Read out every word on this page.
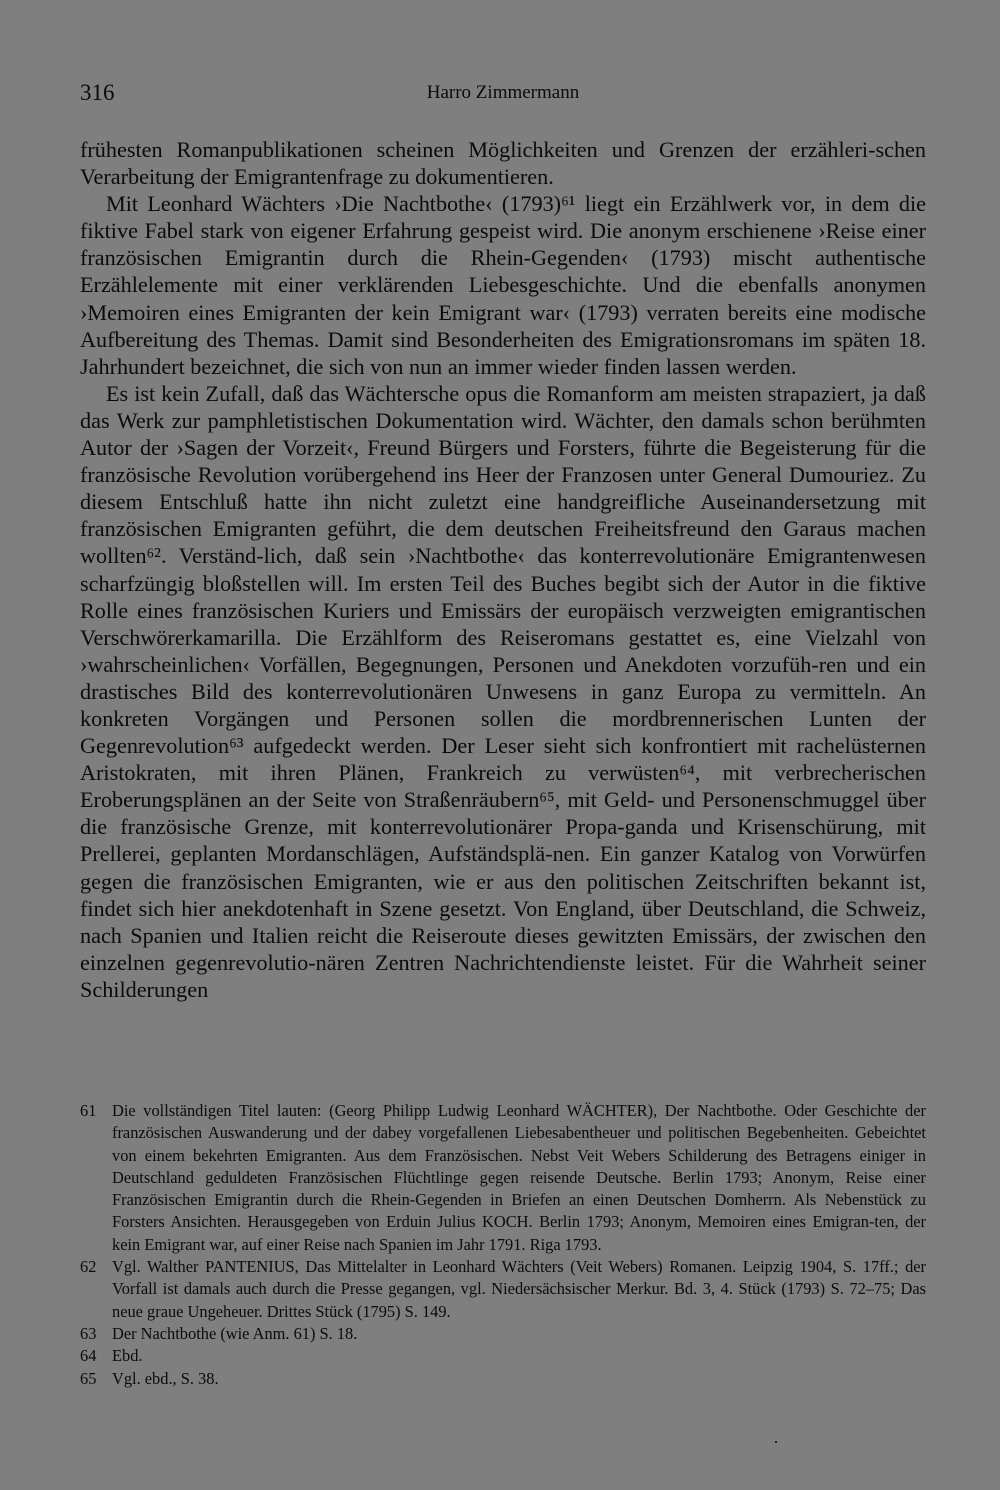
316	Harro Zimmermann

frühesten Romanpublikationen scheinen Möglichkeiten und Grenzen der erzähleri-schen Verarbeitung der Emigrantenfrage zu dokumentieren.

Mit Leonhard Wächters ›Die Nachtbothe‹ (1793)⁶¹ liegt ein Erzählwerk vor, in dem die fiktive Fabel stark von eigener Erfahrung gespeist wird. Die anonym erschienene ›Reise einer französischen Emigrantin durch die Rhein-Gegenden‹ (1793) mischt authentische Erzählelemente mit einer verklärenden Liebesgeschichte. Und die ebenfalls anonymen ›Memoiren eines Emigranten der kein Emigrant war‹ (1793) verraten bereits eine modische Aufbereitung des Themas. Damit sind Besonderheiten des Emigrationsromans im späten 18. Jahrhundert bezeichnet, die sich von nun an immer wieder finden lassen werden.

Es ist kein Zufall, daß das Wächtersche opus die Romanform am meisten strapaziert, ja daß das Werk zur pamphletistischen Dokumentation wird. Wächter, den damals schon berühmten Autor der ›Sagen der Vorzeit‹, Freund Bürgers und Forsters, führte die Begeisterung für die französische Revolution vorübergehend ins Heer der Franzosen unter General Dumouriez. Zu diesem Entschluß hatte ihn nicht zuletzt eine handgreifliche Auseinandersetzung mit französischen Emigranten geführt, die dem deutschen Freiheitsfreund den Garaus machen wollten⁶². Verständ-lich, daß sein ›Nachtbothe‹ das konterrevolutionäre Emigrantenwesen scharfzüngig bloßstellen will. Im ersten Teil des Buches begibt sich der Autor in die fiktive Rolle eines französischen Kuriers und Emissärs der europäisch verzweigten emigrantischen Verschwörerkamarilla. Die Erzählform des Reiseromans gestattet es, eine Vielzahl von ›wahrscheinlichen‹ Vorfällen, Begegnungen, Personen und Anekdoten vorzufüh-ren und ein drastisches Bild des konterrevolutionären Unwesens in ganz Europa zu vermitteln. An konkreten Vorgängen und Personen sollen die mordbrennerischen Lunten der Gegenrevolution⁶³ aufgedeckt werden. Der Leser sieht sich konfrontiert mit rachelüsternen Aristokraten, mit ihren Plänen, Frankreich zu verwüsten⁶⁴, mit verbrecherischen Eroberungsplänen an der Seite von Straßenräubern⁶⁵, mit Geld- und Personenschmuggel über die französische Grenze, mit konterrevolutionärer Propa-ganda und Krisenschürung, mit Prellerei, geplanten Mordanschlägen, Aufständsplä-nen. Ein ganzer Katalog von Vorwürfen gegen die französischen Emigranten, wie er aus den politischen Zeitschriften bekannt ist, findet sich hier anekdotenhaft in Szene gesetzt. Von England, über Deutschland, die Schweiz, nach Spanien und Italien reicht die Reiseroute dieses gewitzten Emissärs, der zwischen den einzelnen gegenrevolutio-nären Zentren Nachrichtendienste leistet. Für die Wahrheit seiner Schilderungen

61 Die vollständigen Titel lauten: (Georg Philipp Ludwig Leonhard WÄCHTER), Der Nachtbothe. Oder Geschichte der französischen Auswanderung und der dabey vorgefallenen Liebesabentheuer und politischen Begebenheiten. Gebeichtet von einem bekehrten Emigranten. Aus dem Französischen. Nebst Veit Webers Schilderung des Betragens einiger in Deutschland geduldeten Französischen Flüchtlinge gegen reisende Deutsche. Berlin 1793; Anonym, Reise einer Französischen Emigrantin durch die Rhein-Gegenden in Briefen an einen Deutschen Domherrn. Als Nebenstück zu Forsters Ansichten. Herausgegeben von Erduin Julius KOCH. Berlin 1793; Anonym, Memoiren eines Emigran-ten, der kein Emigrant war, auf einer Reise nach Spanien im Jahr 1791. Riga 1793.
62 Vgl. Walther PANTENIUS, Das Mittelalter in Leonhard Wächters (Veit Webers) Romanen. Leipzig 1904, S. 17ff.; der Vorfall ist damals auch durch die Presse gegangen, vgl. Niedersächsischer Merkur. Bd. 3, 4. Stück (1793) S. 72–75; Das neue graue Ungeheuer. Drittes Stück (1795) S. 149.
63 Der Nachtbothe (wie Anm. 61) S. 18.
64 Ebd.
65 Vgl. ebd., S. 38.
